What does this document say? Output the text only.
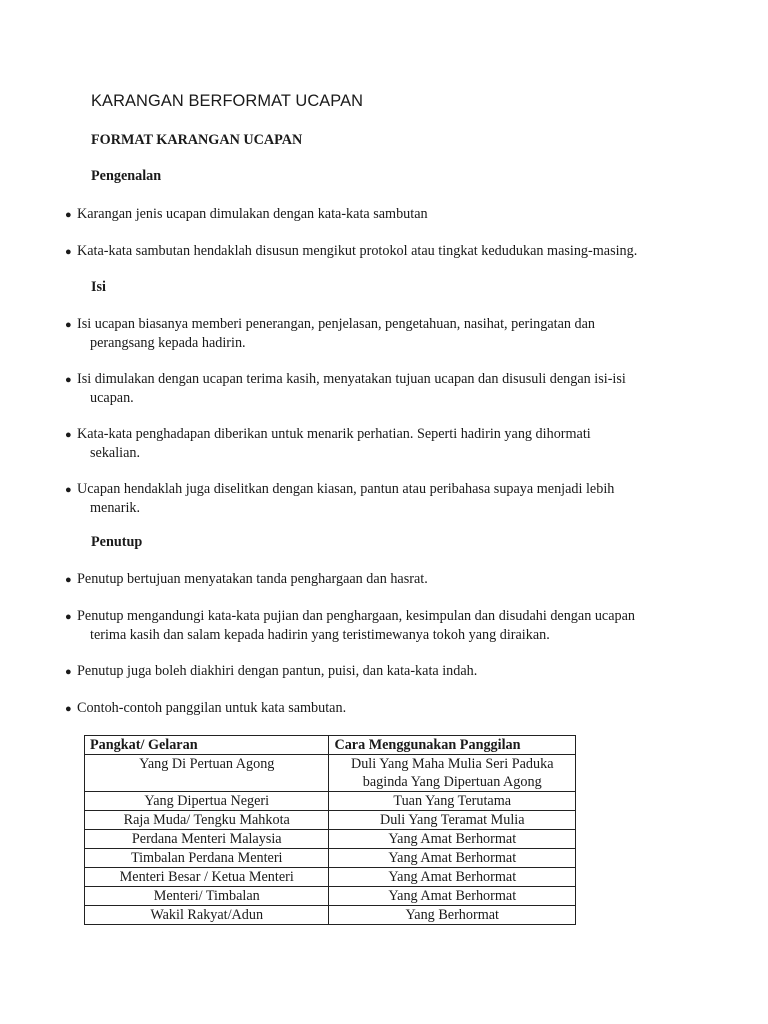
KARANGAN BERFORMAT UCAPAN
FORMAT KARANGAN UCAPAN
Pengenalan
● Karangan jenis ucapan dimulakan dengan kata-kata sambutan
● Kata-kata sambutan hendaklah disusun mengikut protokol atau tingkat kedudukan masing-masing.
Isi
● Isi ucapan biasanya memberi penerangan, penjelasan, pengetahuan, nasihat, peringatan dan
perangsang kepada hadirin.
● Isi dimulakan dengan ucapan terima kasih, menyatakan tujuan ucapan dan disusuli dengan isi-isi
ucapan.
● Kata-kata penghadapan diberikan untuk menarik perhatian. Seperti hadirin yang dihormati
sekalian.
● Ucapan hendaklah juga diselitkan dengan kiasan, pantun atau peribahasa supaya menjadi lebih
menarik.
Penutup
● Penutup bertujuan menyatakan tanda penghargaan dan hasrat.
● Penutup mengandungi kata-kata pujian dan penghargaan, kesimpulan dan disudahi dengan ucapan
terima kasih dan salam kepada hadirin yang teristimewanya tokoh yang diraikan.
● Penutup juga boleh diakhiri dengan pantun, puisi, dan kata-kata indah.
● Contoh-contoh panggilan untuk kata sambutan.
Pangkat/ Gelaran	Cara Menggunakan Panggilan
Yang Di Pertuan Agong	Duli Yang Maha Mulia Seri Paduka baginda Yang Dipertuan Agong
Yang Dipertua Negeri	Tuan Yang Terutama
Raja Muda/ Tengku Mahkota	Duli Yang Teramat Mulia
Perdana Menteri Malaysia	Yang Amat Berhormat
Timbalan Perdana Menteri	Yang Amat Berhormat
Menteri Besar / Ketua Menteri	Yang Amat Berhormat
Menteri/ Timbalan	Yang Amat Berhormat
Wakil Rakyat/Adun	Yang Berhormat
